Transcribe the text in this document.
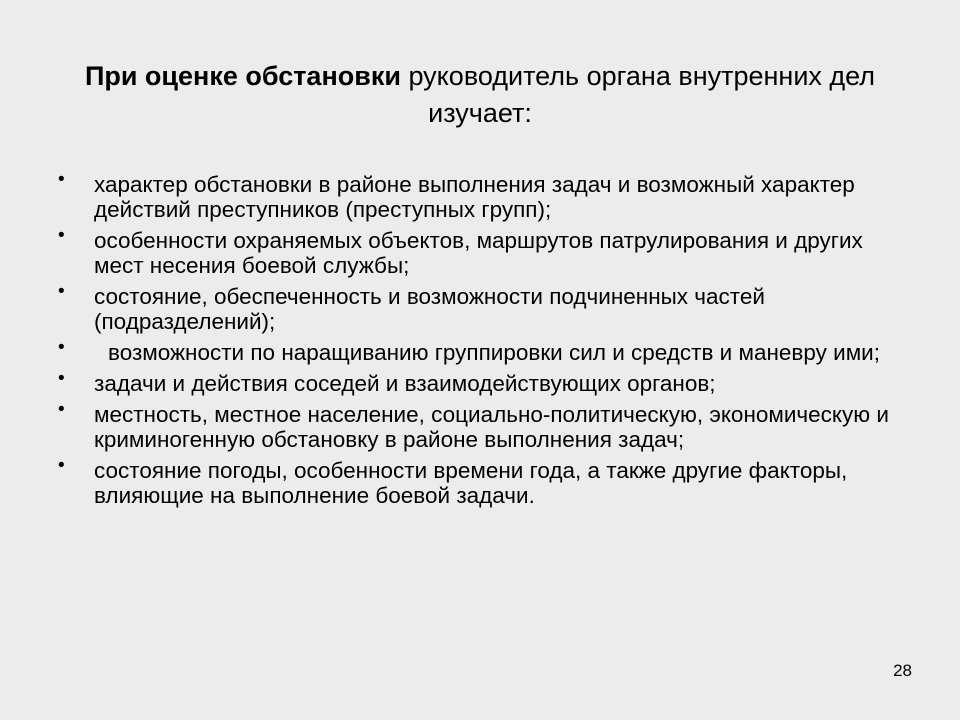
При оценке обстановки руководитель органа внутренних дел изучает:
• характер обстановки в районе выполнения задач и возможный характер действий преступников (преступных групп);
• особенности охраняемых объектов, маршрутов патрулирования и других мест несения боевой службы;
• состояние, обеспеченность и возможности подчиненных частей (подразделений);
• возможности по наращиванию группировки сил и средств и маневру ими;
• задачи и действия соседей и взаимодействующих органов;
• местность, местное население, социально-политическую, экономическую и криминогенную обстановку в районе выполнения задач;
• состояние погоды, особенности времени года, а также другие факторы, влияющие на выполнение боевой задачи.
28
